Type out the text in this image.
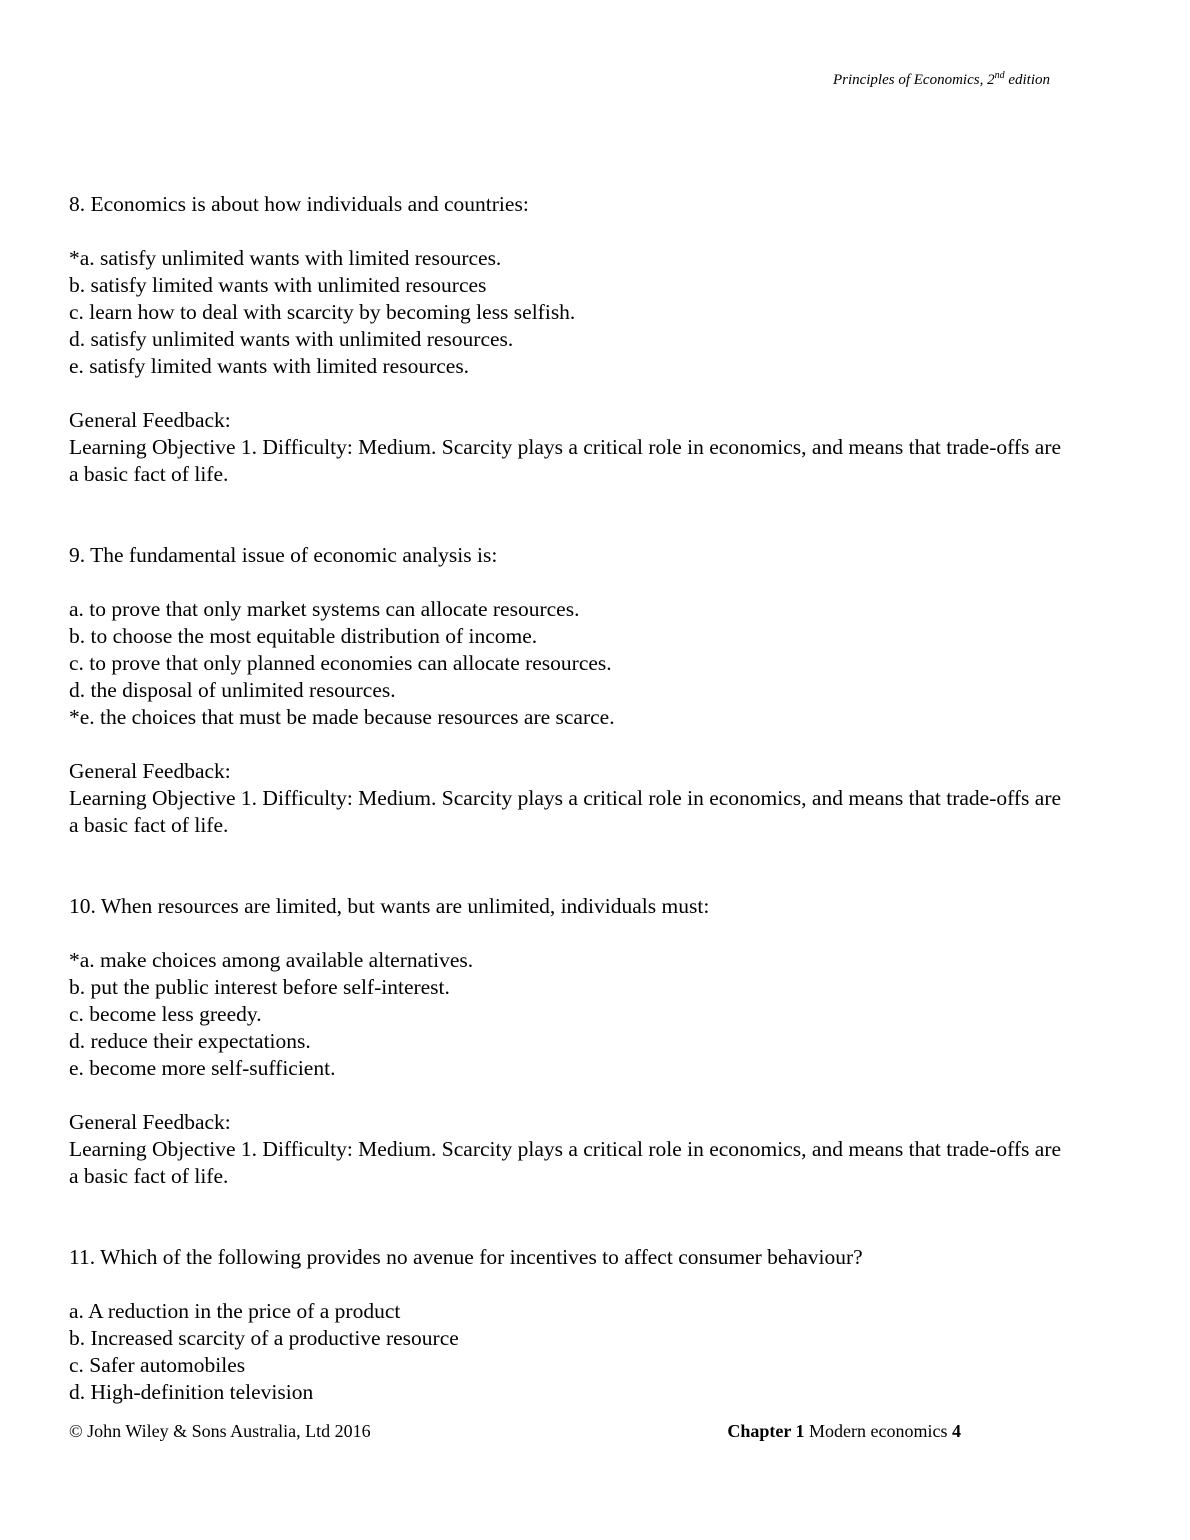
Principles of Economics, 2nd edition

8. Economics is about how individuals and countries:

*a. satisfy unlimited wants with limited resources.
b. satisfy limited wants with unlimited resources
c. learn how to deal with scarcity by becoming less selfish.
d. satisfy unlimited wants with unlimited resources.
e. satisfy limited wants with limited resources.

General Feedback:

Learning Objective 1. Difficulty: Medium. Scarcity plays a critical role in economics, and means that trade-offs are a basic fact of life.

9. The fundamental issue of economic analysis is:

a. to prove that only market systems can allocate resources.
b. to choose the most equitable distribution of income.
c. to prove that only planned economies can allocate resources.
d. the disposal of unlimited resources.
*e. the choices that must be made because resources are scarce.

General Feedback:

Learning Objective 1. Difficulty: Medium. Scarcity plays a critical role in economics, and means that trade-offs are a basic fact of life.

10. When resources are limited, but wants are unlimited, individuals must:

*a. make choices among available alternatives.
b. put the public interest before self-interest.
c. become less greedy.
d. reduce their expectations.
e. become more self-sufficient.

General Feedback:

Learning Objective 1. Difficulty: Medium. Scarcity plays a critical role in economics, and means that trade-offs are a basic fact of life.

11. Which of the following provides no avenue for incentives to affect consumer behaviour?

a. A reduction in the price of a product
b. Increased scarcity of a productive resource
c. Safer automobiles
d. High-definition television
© John Wiley & Sons Australia, Ltd 2016	Chapter 1 Modern economics 4
